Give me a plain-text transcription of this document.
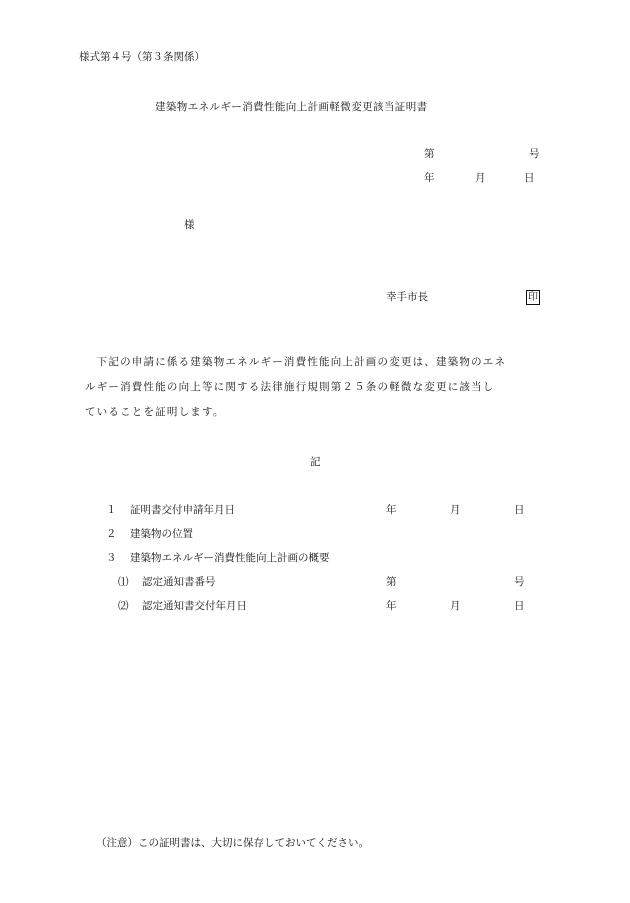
様式第４号（第３条関係）
建築物エネルギー消費性能向上計画軽微変更該当証明書
第	号
年	月	日
様
幸手市長	印
　下記の申請に係る建築物エネルギー消費性能向上計画の変更は、建築物のエネ
ルギー消費性能の向上等に関する法律施行規則第２５条の軽微な変更に該当し
ていることを証明します。
記
１ 証明書交付申請年月日	年	月	日
２ 建築物の位置
３ 建築物エネルギー消費性能向上計画の概要
⑴ 認定通知書番号	第	号
⑵ 認定通知書交付年月日	年	月	日
（注意）この証明書は、大切に保存しておいてください。
